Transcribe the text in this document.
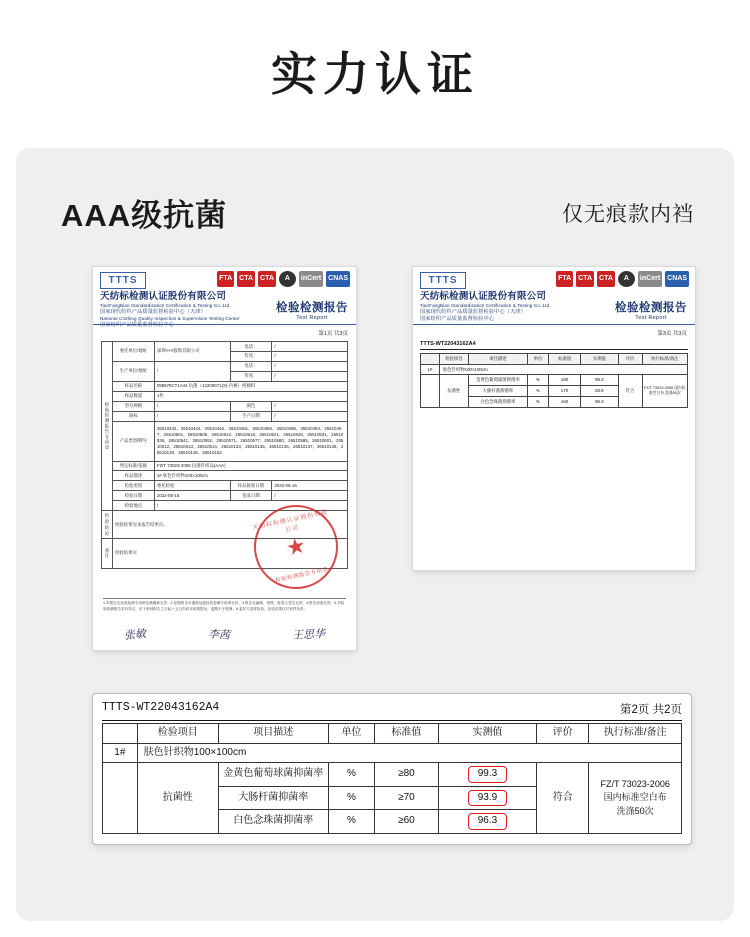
实力认证
AAA级抗菌	仅无痕款内裆
TTTS	FTA CTA CTA	A	inCert CNAS
天纺标检测认证股份有限公司
TianFangBiao Standardization Certification & Testing Co.,Ltd.
国家现代纺织产品质量监督检验中心（天津）
National Clothing Quality Inspection & Supervision Testing Center
国家纺织产品质量监督检验中心
检验检测报告
Test Report
第1页 共3页
检验检测报告专用章	委托单位/地址	深圳×××服饰有限公司	电话：	/
			传真：	/
	生产单位/地址	/	电话：	/
			传真：	/
	样品名称	095878CT1A44 抗菌（12206071(S)-内裤）纯棉料		
	样品数量	1件		
	型号规格	/	颜色	/
	商标	/	生产日期	/
	产品类型/牌号	26510442、26510444、26510462、26510481、26510484、26510486、26510494、26510497、26510501、26510506、26510512、26510518、26510521、26510528、26510531、26510536、26510541、26510552、26510571、26510577、26510580、26510585、26510601、26510612、26510613、26510614、26510133、26510135、26510136、26510137、26510138、26510139、26510145、26510162		
	判定标准/依据	FZ/T 73023-2006 抗菌针织品(AAA)		
	样品描述	1# 肤色针织物100×100cm		
	检验类别	委托检验	样品接收日期	2022-05-16
	检验日期	2022-05-16	签发日期	/
	检验地点	/		
检验结论	检验结果见本报告结果页。			
备注	检验结果页			
天纺标检测认证股份有限公司
★
检验检测报告专用章
1.本报告无检验检测专用章及骑缝章无效；2.复制报告未重新加盖检验检测专用章无效；3.报告无编制、审核、批准人签名无效；4.报告涂改无效；5.对检验检测报告若有异议，应于收到报告之日起十五日内向本机构提出，逾期不予受理；6.委托方送样检验，检验结果仅对来样负责。
张敏	李茜	王思华
TTTS	FTA CTA CTA	A	inCert CNAS
天纺标检测认证股份有限公司
TianFangBiao Standardization Certification & Testing Co.,Ltd.
国家现代纺织产品质量监督检验中心（天津）
国家纺织产品质量监督检验中心
检验检测报告
Test Report
第3页 共3页
TTTS-WT22043162A4
	检验项目	项目描述	单位	标准值	实测值	评价	执行标准/备注
1#	肤色针织物100×100cm						
	抗菌性	金黄色葡萄球菌抑菌率	%	≥80	99.3	符合	FZ/T 73023-2006 国内标准空白布 洗涤50次
		大肠杆菌抑菌率	%	≥70	93.9		
		白色念珠菌抑菌率	%	≥60	96.3		
TTTS-WT22043162A4	第2页 共2页
	检验项目	项目描述	单位	标准值	实测值	评价	执行标准/备注
1#	肤色针织物100×100cm						
	抗菌性	金黄色葡萄球菌抑菌率	%	≥80	99.3	符合	FZ/T 73023-2006
国内标准空白布
洗涤50次

		大肠杆菌抑菌率	%	≥70	93.9		
		白色念珠菌抑菌率	%	≥60	96.3		
